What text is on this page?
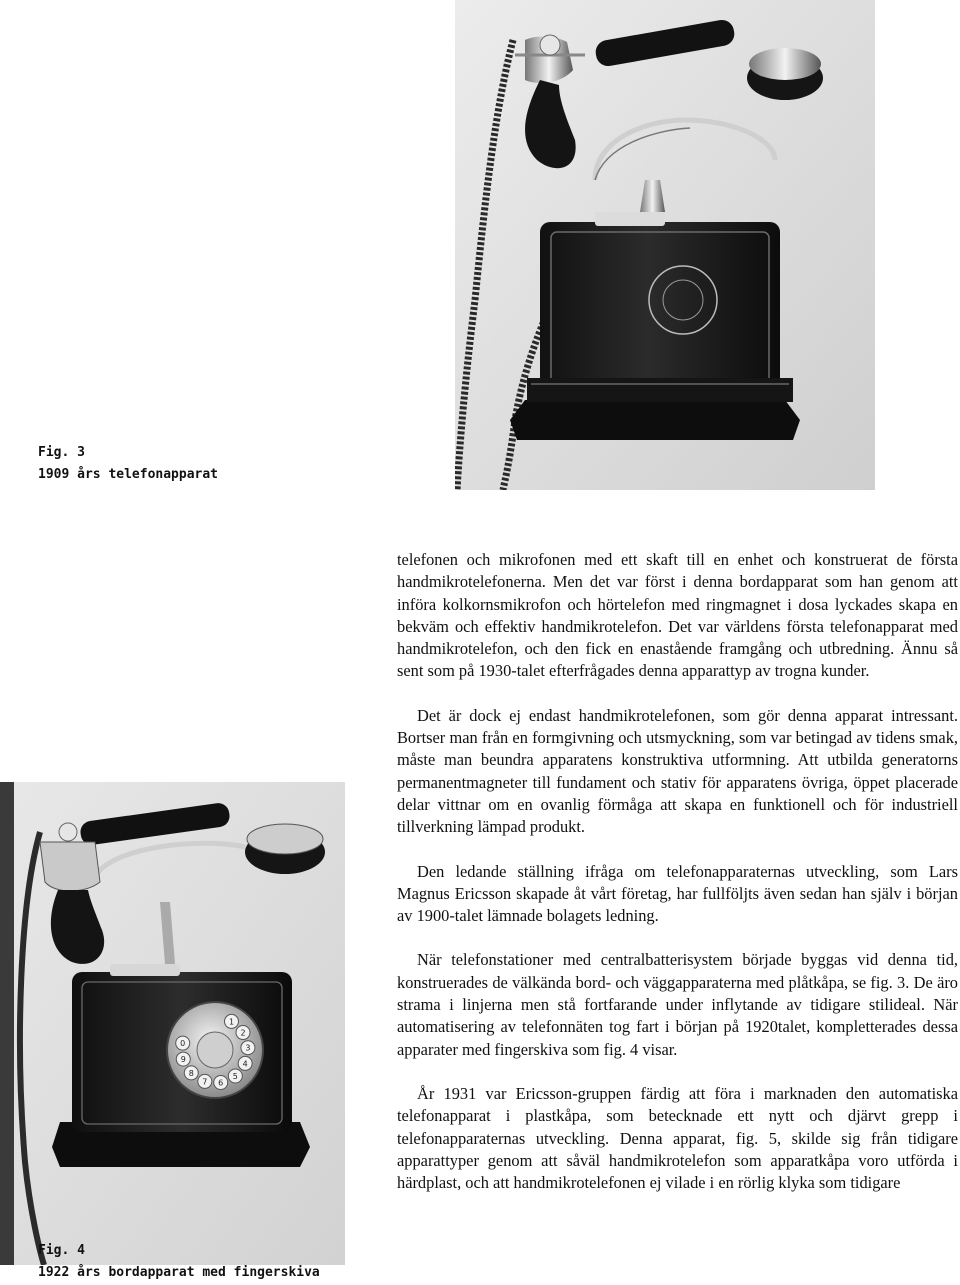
Fig. 3
1909 års telefonapparat
1
2
3
4
5
6
7
8
9
0
Fig. 4
1922 års bordapparat med fingerskiva

telefonen och mikrofonen med ett skaft till en enhet och konstruerat de första handmikrotelefonerna. Men det var först i denna bordapparat som han genom att införa kolkornsmikrofon och hörtelefon med ringmagnet i dosa lyckades skapa en bekväm och effektiv handmikrotelefon. Det var världens första telefonapparat med handmikrotelefon, och den fick en enastående framgång och utbredning. Ännu så sent som på 1930-talet efterfrågades denna apparattyp av trogna kunder.

Det är dock ej endast handmikrotelefonen, som gör denna apparat intressant. Bortser man från en formgivning och utsmyckning, som var betingad av tidens smak, måste man beundra apparatens konstruktiva utformning. Att utbilda generatorns permanentmagneter till fundament och stativ för apparatens övriga, öppet placerade delar vittnar om en ovanlig förmåga att skapa en funktionell och för industriell tillverkning lämpad produkt.

Den ledande ställning ifråga om telefonapparaternas utveckling, som Lars Magnus Ericsson skapade åt vårt företag, har fullföljts även sedan han själv i början av 1900-talet lämnade bolagets ledning.

När telefonstationer med centralbatterisystem började byggas vid denna tid, konstruerades de välkända bord- och väggapparaterna med plåtkåpa, se fig. 3. De äro strama i linjerna men stå fortfarande under inflytande av tidigare stilideal. När automatisering av telefonnäten tog fart i början på 1920talet, kompletterades dessa apparater med fingerskiva som fig. 4 visar.

År 1931 var Ericsson-gruppen färdig att föra i marknaden den automatiska telefonapparat i plastkåpa, som betecknade ett nytt och djärvt grepp i telefonapparaternas utveckling. Denna apparat, fig. 5, skilde sig från tidigare apparattyper genom att såväl handmikrotelefon som apparatkåpa voro utförda i härdplast, och att handmikrotelefonen ej vilade i en rörlig klyka som tidigare
